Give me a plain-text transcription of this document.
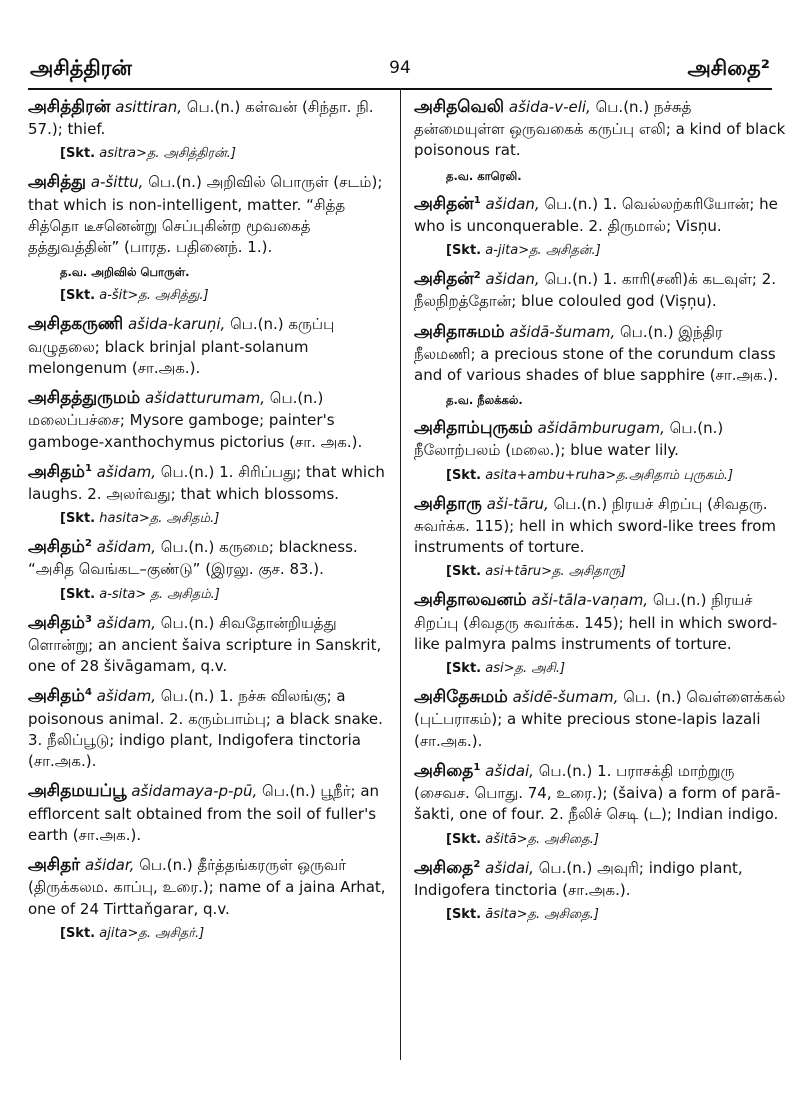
அசித்திரன்	94	அசிதை²
அசித்திரன் asittiran, பெ.(n.) கள்வன் (சிந்தா. நி. 57.); thief.
[Skt. asitra>த. அசித்திரன்.]
அசித்து a-šittu, பெ.(n.) அறிவில் பொருள் (சடம்); that which is non-intelligent, matter. “சித்த சித்தொ டீசனென்று செப்புகின்ற மூவகைத் தத்துவத்தின்” (பாரத. பதினைந். 1.).
த.வ. அறிவில் பொருள்.
[Skt. a-šit>த. அசித்து.]
அசிதகருணி ašida-karuņi, பெ.(n.) கருப்பு வழுதலை; black brinjal plant-solanum melongenum (சா.அக.).
அசிதத்துருமம் ašidatturumam, பெ.(n.) மலைப்பச்சை; Mysore gamboge; painter's gamboge-xanthochymus pictorius (சா. அக.).
அசிதம்$^1$ ašidam, பெ.(n.) 1. சிரிப்பது; that which laughs. 2. அலர்வது; that which blossoms.
[Skt. hasita>த. அசிதம்.]
அசிதம்$^2$ ašidam, பெ.(n.) கருமை; blackness. “அசித வெங்கட–குண்டு” (இரலு. குச. 83.).
[Skt. a-sita> த. அசிதம்.]
அசிதம்$^3$ ašidam, பெ.(n.) சிவதோன்றியத்து ளொன்று; an ancient šaiva scripture in Sanskrit, one of 28 šivāgamam, q.v.
அசிதம்$^4$ ašidam, பெ.(n.) 1. நச்சு விலங்கு; a poisonous animal. 2. கரும்பாம்பு; a black snake. 3. நீலிப்பூடு; indigo plant, Indigofera tinctoria (சா.அக.).
அசிதமயப்பூ ašidamaya-p-pū, பெ.(n.) பூநீர்; an efflorcent salt obtained from the soil of fuller's earth (சா.அக.).
அசிதர் ašidar, பெ.(n.) தீர்த்தங்கரருள் ஒருவர் (திருக்கலம. காப்பு, உரை.); name of a jaina Arhat, one of 24 Tirttaňgarar, q.v.
[Skt. ajita>த. அசிதர்.]
அசிதவெலி ašida-v-eli, பெ.(n.) நச்சுத் தன்மையுள்ள ஒருவகைக் கருப்பு எலி; a kind of black poisonous rat.
த.வ. காரெலி.
அசிதன்$^1$ ašidan, பெ.(n.) 1. வெல்லற்கரியோன்; he who is unconquerable. 2. திருமால்; Visņu.
[Skt. a-jita>த. அசிதன்.]
அசிதன்$^2$ ašidan, பெ.(n.) 1. காரி(சனி)க் கடவுள்; 2. நீலநிறத்தோன்; blue colouled god (Vișņu).
அசிதாசுமம் ašidā-šumam, பெ.(n.) இந்திர நீலமணி; a precious stone of the corundum class and of various shades of blue sapphire (சா.அக.).
த.வ. நீலக்கல்.
அசிதாம்புருகம் ašidāmburugam, பெ.(n.) நீலோற்பலம் (மலை.); blue water lily.
[Skt. asita+ambu+ruha>த.அசிதாம் புருகம்.]
அசிதாரு aši-tāru, பெ.(n.) நிரயச் சிறப்பு (சிவதரு. சுவர்க்க. 115); hell in which sword-like trees from instruments of torture.
[Skt. asi+tāru>த. அசிதாரு]
அசிதாலவனம் aši-tāla-vaņam, பெ.(n.) நிரயச் சிறப்பு (சிவதரு சுவர்க்க. 145); hell in which sword-like palmyra palms instruments of torture.
[Skt. asi>த. அசி.]
அசிதேசுமம் ašidē-šumam, பெ. (n.) வெள்ளைக்கல் (புட்பராகம்); a white precious stone-lapis lazali (சா.அக.).
அசிதை$^1$ ašidai, பெ.(n.) 1. பராசக்தி மாற்றுரு (சைவச. பொது. 74, உரை.); (šaiva) a form of parā-šakti, one of four. 2. நீலிச் செடி (ட); Indian indigo.
[Skt. ašitā>த. அசிதை.]
அசிதை$^2$ ašidai, பெ.(n.) அவுரி; indigo plant, Indigofera tinctoria (சா.அக.).
[Skt. āsita>த. அசிதை.]
